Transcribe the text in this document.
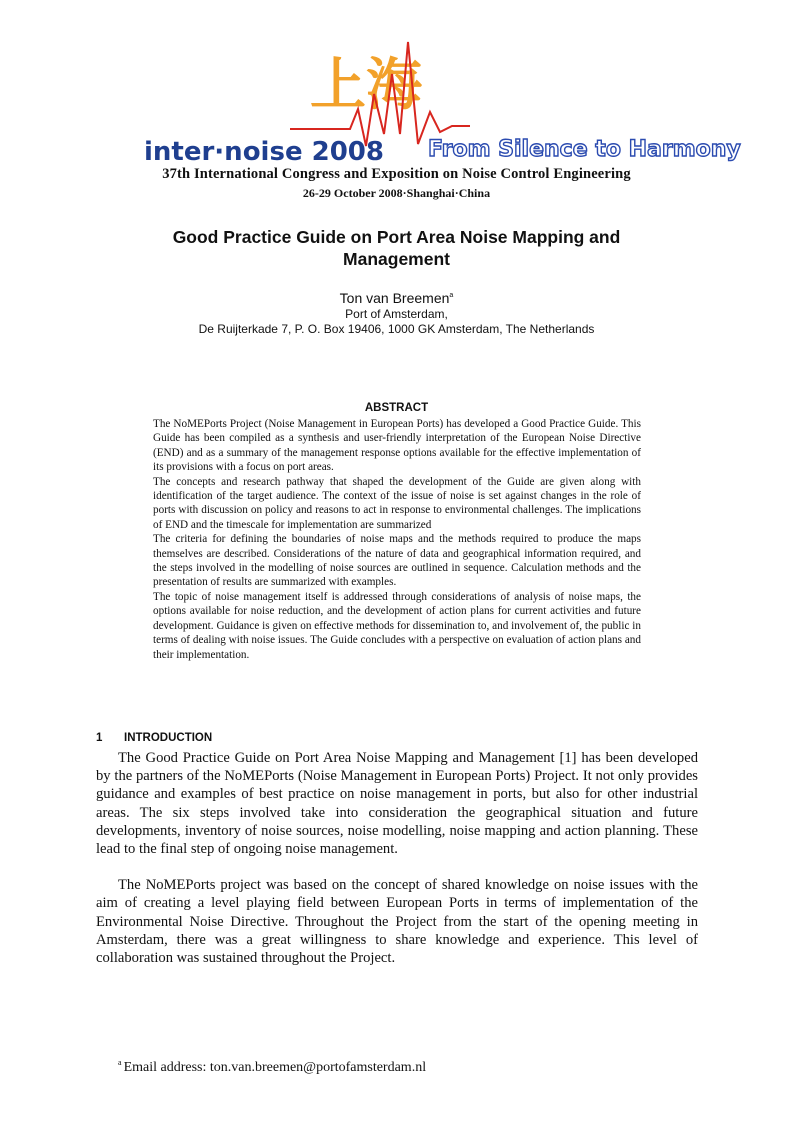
上海
inter·noise 2008 From Silence to Harmony
37th International Congress and Exposition on Noise Control Engineering
26-29 October 2008·Shanghai·China
Good Practice Guide on Port Area Noise Mapping and Management
Ton van Breemen$^a$
Port of Amsterdam,
De Ruijterkade 7, P. O. Box 19406, 1000 GK Amsterdam, The Netherlands
ABSTRACT

The NoMEPorts Project (Noise Management in European Ports) has developed a Good Practice Guide. This Guide has been compiled as a synthesis and user-friendly interpretation of the European Noise Directive (END) and as a summary of the management response options available for the effective implementation of its provisions with a focus on port areas.

The concepts and research pathway that shaped the development of the Guide are given along with identification of the target audience. The context of the issue of noise is set against changes in the role of ports with discussion on policy and reasons to act in response to environmental challenges. The implications of END and the timescale for implementation are summarized

The criteria for defining the boundaries of noise maps and the methods required to produce the maps themselves are described. Considerations of the nature of data and geographical information required, and the steps involved in the modelling of noise sources are outlined in sequence. Calculation methods and the presentation of results are summarized with examples.

The topic of noise management itself is addressed through considerations of analysis of noise maps, the options available for noise reduction, and the development of action plans for current activities and future development. Guidance is given on effective methods for dissemination to, and involvement of, the public in terms of dealing with noise issues. The Guide concludes with a perspective on evaluation of action plans and their implementation.

1 INTRODUCTION

The Good Practice Guide on Port Area Noise Mapping and Management [1] has been developed by the partners of the NoMEPorts (Noise Management in European Ports) Project. It not only provides guidance and examples of best practice on noise management in ports, but also for other industrial areas. The six steps involved take into consideration the geographical situation and future developments, inventory of noise sources, noise modelling, noise mapping and action planning. These lead to the final step of ongoing noise management.

The NoMEPorts project was based on the concept of shared knowledge on noise issues with the aim of creating a level playing field between European Ports in terms of implementation of the Environmental Noise Directive. Throughout the Project from the start of the opening meeting in Amsterdam, there was a great willingness to share knowledge and experience. This level of collaboration was sustained throughout the Project.

$^a$ Email address: ton.van.breemen@portofamsterdam.nl
